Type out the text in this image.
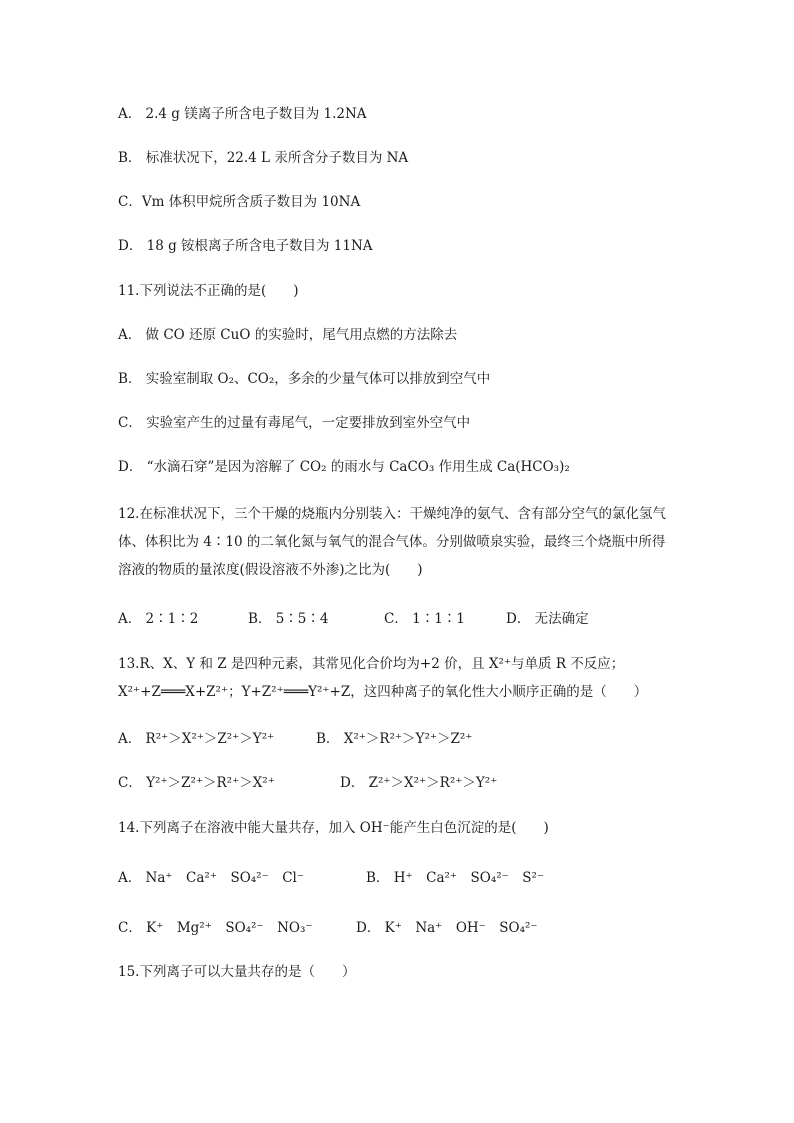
A． 2.4 g 镁离子所含电子数目为 1.2NA
B． 标准状况下，22.4 L 汞所含分子数目为 NA
C．Vm 体积甲烷所含质子数目为 10NA
D． 18 g 铵根离子所含电子数目为 11NA
11.下列说法不正确的是(　　)
A． 做 CO 还原 CuO 的实验时，尾气用点燃的方法除去
B． 实验室制取 O₂、CO₂，多余的少量气体可以排放到空气中
C． 实验室产生的过量有毒尾气，一定要排放到室外空气中
D． “水滴石穿”是因为溶解了 CO₂ 的雨水与 CaCO₃ 作用生成 Ca(HCO₃)₂
12.在标准状况下，三个干燥的烧瓶内分别装入：干燥纯净的氨气、含有部分空气的氯化氢气体、体积比为 4∶10 的二氧化氮与氧气的混合气体。分别做喷泉实验，最终三个烧瓶中所得溶液的物质的量浓度(假设溶液不外渗)之比为(　　)
A． 2∶1∶2	B． 5∶5∶4	C． 1∶1∶1	D． 无法确定
13.R、X、Y 和 Z 是四种元素，其常见化合价均为+2 价，且 X²⁺与单质 R 不反应；X²⁺+Z═══X+Z²⁺；Y+Z²⁺═══Y²⁺+Z，这四种离子的氧化性大小顺序正确的是（　　）
A． R²⁺＞X²⁺＞Z²⁺＞Y²⁺	B． X²⁺＞R²⁺＞Y²⁺＞Z²⁺
C． Y²⁺＞Z²⁺＞R²⁺＞X²⁺	D． Z²⁺＞X²⁺＞R²⁺＞Y²⁺
14.下列离子在溶液中能大量共存，加入 OH⁻能产生白色沉淀的是(　　)
A． Na⁺　Ca²⁺　SO₄²⁻　Cl⁻	B． H⁺　Ca²⁺　SO₄²⁻　S²⁻
C． K⁺　Mg²⁺　SO₄²⁻　NO₃⁻	D． K⁺　Na⁺　OH⁻　SO₄²⁻
15.下列离子可以大量共存的是（　　）
